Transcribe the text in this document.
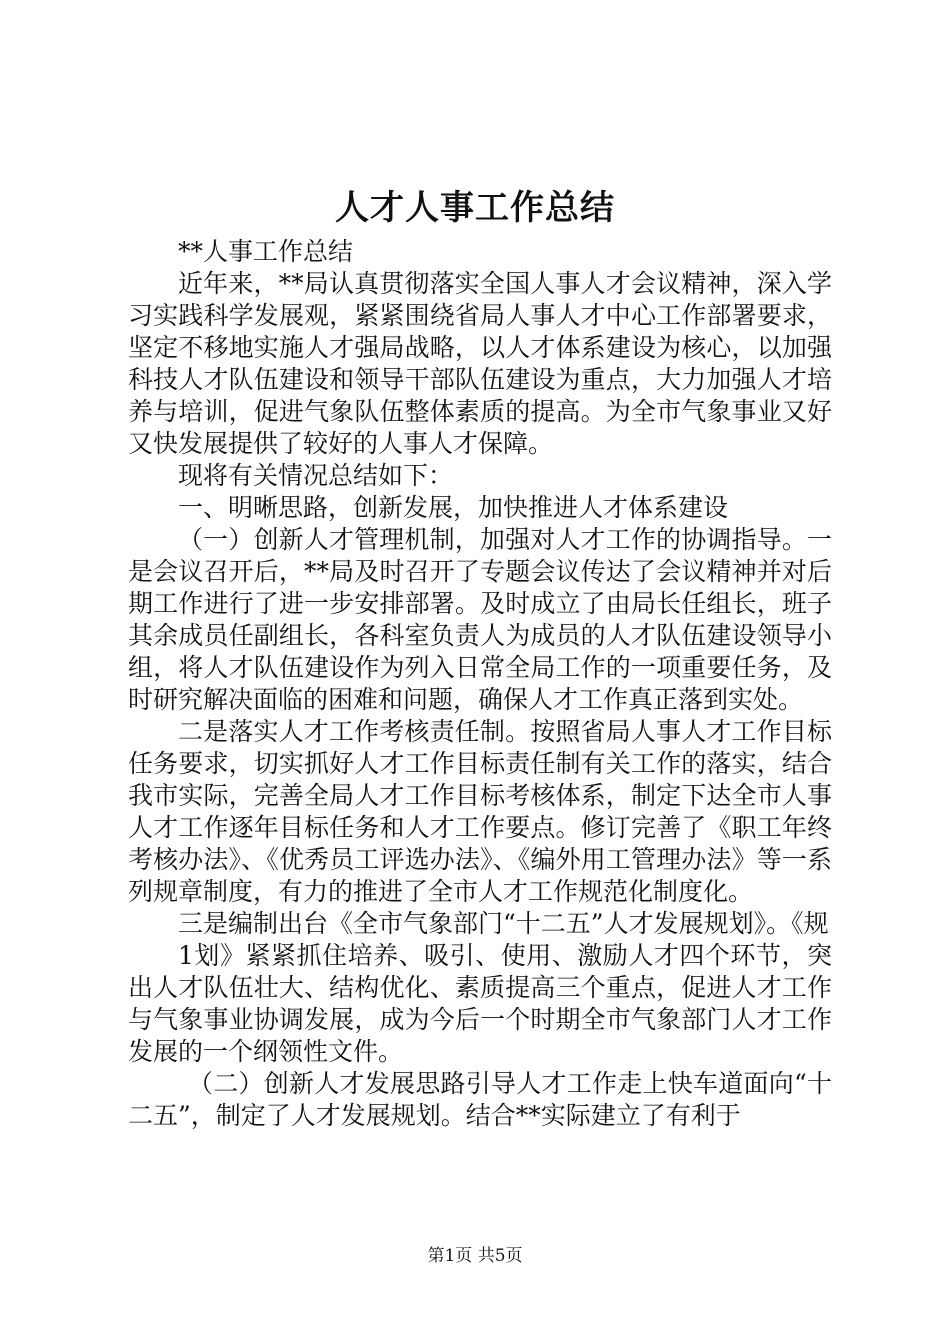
人才人事工作总结

**人事工作总结

近年来，**局认真贯彻落实全国人事人才会议精神，深入学习实践科学发展观，紧紧围绕省局人事人才中心工作部署要求，坚定不移地实施人才强局战略，以人才体系建设为核心，以加强科技人才队伍建设和领导干部队伍建设为重点，大力加强人才培养与培训，促进气象队伍整体素质的提高。为全市气象事业又好又快发展提供了较好的人事人才保障。

现将有关情况总结如下：

一、明晰思路，创新发展，加快推进人才体系建设

（一）创新人才管理机制，加强对人才工作的协调指导。一是会议召开后，**局及时召开了专题会议传达了会议精神并对后期工作进行了进一步安排部署。及时成立了由局长任组长，班子其余成员任副组长，各科室负责人为成员的人才队伍建设领导小组，将人才队伍建设作为列入日常全局工作的一项重要任务，及时研究解决面临的困难和问题，确保人才工作真正落到实处。

二是落实人才工作考核责任制。按照省局人事人才工作目标任务要求，切实抓好人才工作目标责任制有关工作的落实，结合我市实际，完善全局人才工作目标考核体系，制定下达全市人事人才工作逐年目标任务和人才工作要点。修订完善了《职工年终考核办法》、《优秀员工评选办法》、《编外用工管理办法》等一系列规章制度，有力的推进了全市人才工作规范化制度化。

三是编制出台《全市气象部门“十二五”人才发展规划》。《规

1划》紧紧抓住培养、吸引、使用、激励人才四个环节，突出人才队伍壮大、结构优化、素质提高三个重点，促进人才工作与气象事业协调发展，成为今后一个时期全市气象部门人才工作发展的一个纲领性文件。

（二）创新人才发展思路引导人才工作走上快车道面向“十二五”，制定了人才发展规划。结合**实际建立了有利于

第1页 共5页
